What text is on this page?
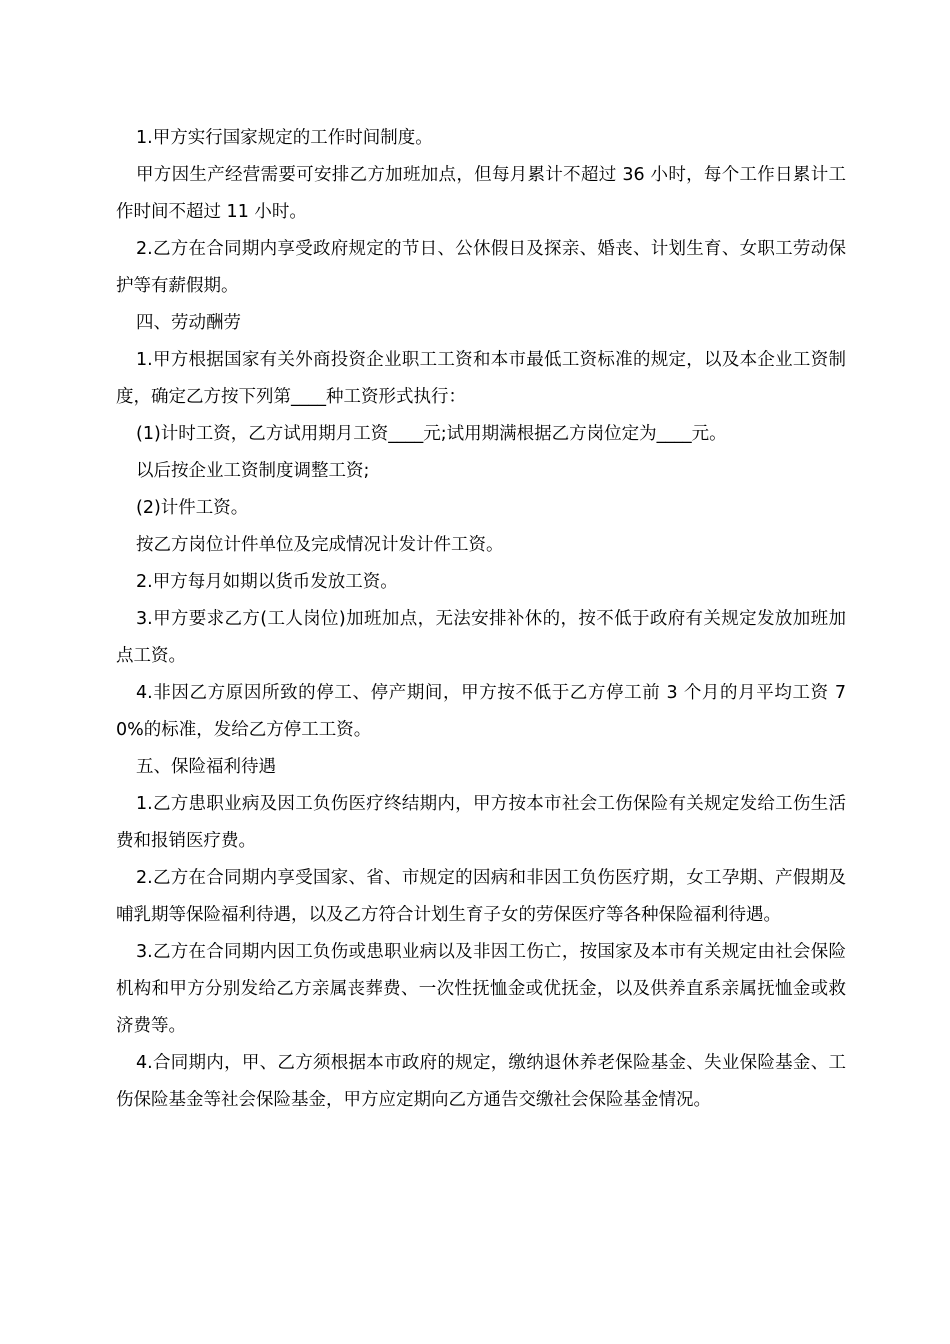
1.甲方实行国家规定的工作时间制度。

甲方因生产经营需要可安排乙方加班加点，但每月累计不超过 36 小时，每个工作日累计工作时间不超过 11 小时。

2.乙方在合同期内享受政府规定的节日、公休假日及探亲、婚丧、计划生育、女职工劳动保护等有薪假期。

四、劳动酬劳

1.甲方根据国家有关外商投资企业职工工资和本市最低工资标准的规定，以及本企业工资制度，确定乙方按下列第____种工资形式执行：

(1)计时工资，乙方试用期月工资____元;试用期满根据乙方岗位定为____元。

以后按企业工资制度调整工资;

(2)计件工资。

按乙方岗位计件单位及完成情况计发计件工资。

2.甲方每月如期以货币发放工资。

3.甲方要求乙方(工人岗位)加班加点，无法安排补休的，按不低于政府有关规定发放加班加点工资。

4.非因乙方原因所致的停工、停产期间，甲方按不低于乙方停工前 3 个月的月平均工资 70%的标准，发给乙方停工工资。

五、保险福利待遇

1.乙方患职业病及因工负伤医疗终结期内，甲方按本市社会工伤保险有关规定发给工伤生活费和报销医疗费。

2.乙方在合同期内享受国家、省、市规定的因病和非因工负伤医疗期，女工孕期、产假期及哺乳期等保险福利待遇，以及乙方符合计划生育子女的劳保医疗等各种保险福利待遇。

3.乙方在合同期内因工负伤或患职业病以及非因工伤亡，按国家及本市有关规定由社会保险机构和甲方分别发给乙方亲属丧葬费、一次性抚恤金或优抚金，以及供养直系亲属抚恤金或救济费等。

4.合同期内，甲、乙方须根据本市政府的规定，缴纳退休养老保险基金、失业保险基金、工伤保险基金等社会保险基金，甲方应定期向乙方通告交缴社会保险基金情况。
